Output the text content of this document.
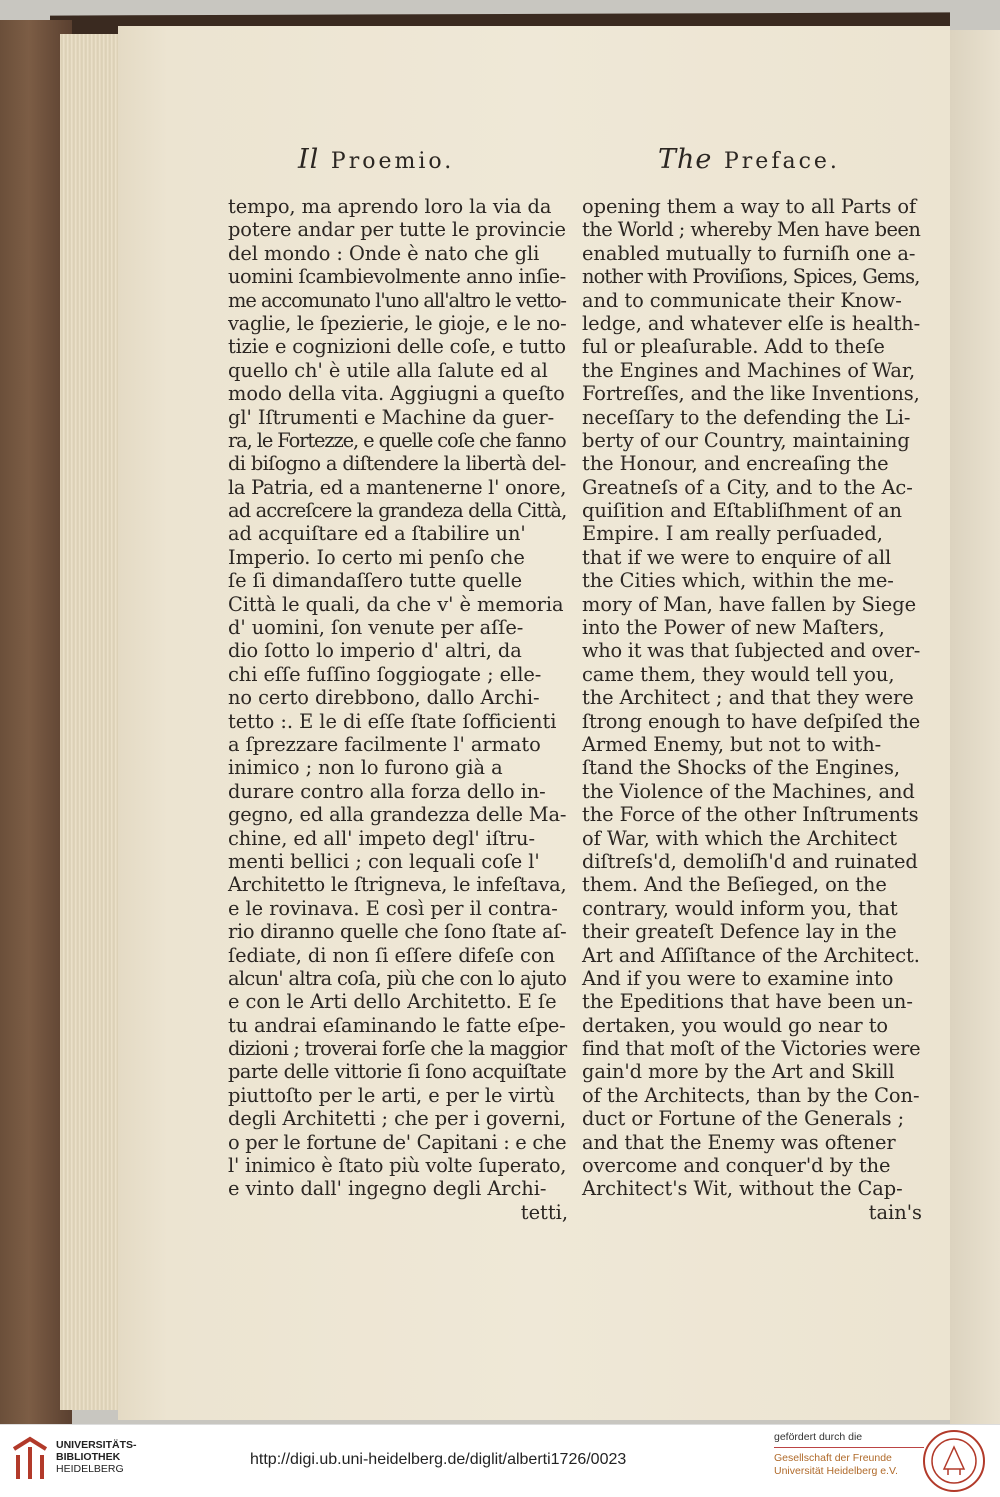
Il Proemio.	The Preface.
tempo, ma aprendo loro la via da
potere andar per tutte le provincie
del mondo : Onde è nato che gli
uomini ſcambievolmente anno inſie-
me accomunato l'uno all'altro le vetto-
vaglie, le ſpezierie, le gioje, e le no-
tizie e cognizioni delle coſe, e tutto
quello ch' è utile alla ſalute ed al
modo della vita. Aggiugni a queſto
gl' Iſtrumenti e Machine da guer-
ra, le Fortezze, e quelle coſe che fanno
di biſogno a diſtendere la libertà del-
la Patria, ed a mantenerne l' onore,
ad accreſcere la grandeza della Città,
ad acquiſtare ed a ſtabilire un'
Imperio. Io certo mi penſo che
ſe ſi dimandaſſero tutte quelle
Città le quali, da che v' è memoria
d' uomini, ſon venute per aſſe-
dio ſotto lo imperio d' altri, da
chi eſſe fuſſino ſoggiogate ; elle-
no certo direbbono, dallo Archi-
tetto :. E le di eſſe ſtate ſofficienti
a ſprezzare facilmente l' armato
inimico ; non lo furono già a
durare contro alla forza dello in-
gegno, ed alla grandezza delle Ma-
chine, ed all' impeto degl' iſtru-
menti bellici ; con lequali coſe l'
Architetto le ſtrigneva, le infeſtava,
e le rovinava. E così per il contra-
rio diranno quelle che ſono ſtate aſ-
ſediate, di non ſi eſſere difeſe con
alcun' altra coſa, più che con lo ajuto
e con le Arti dello Architetto. E ſe
tu andrai eſaminando le fatte eſpe-
dizioni ; troverai forſe che la maggior
parte delle vittorie ſi ſono acquiſtate
piuttoſto per le arti, e per le virtù
degli Architetti ; che per i governi,
o per le fortune de' Capitani : e che
l' inimico è ſtato più volte ſuperato,
e vinto dall' ingegno degli Archi-
tetti,
opening them a way to all Parts of
the World ; whereby Men have been
enabled mutually to furniſh one a-
nother with Proviſions, Spices, Gems,
and to communicate their Know-
ledge, and whatever elſe is health-
ful or pleaſurable. Add to theſe
the Engines and Machines of War,
Fortreſſes, and the like Inventions,
neceſſary to the defending the Li-
berty of our Country, maintaining
the Honour, and encreaſing the
Greatneſs of a City, and to the Ac-
quiſition and Eſtabliſhment of an
Empire. I am really perſuaded,
that if we were to enquire of all
the Cities which, within the me-
mory of Man, have fallen by Siege
into the Power of new Maſters,
who it was that ſubjected and over-
came them, they would tell you,
the Architect ; and that they were
ſtrong enough to have deſpiſed the
Armed Enemy, but not to with-
ſtand the Shocks of the Engines,
the Violence of the Machines, and
the Force of the other Inſtruments
of War, with which the Architect
diſtreſs'd, demoliſh'd and ruinated
them. And the Beſieged, on the
contrary, would inform you, that
their greateſt Defence lay in the
Art and Aſſiſtance of the Architect.
And if you were to examine into
the Epeditions that have been un-
dertaken, you would go near to
find that moſt of the Victories were
gain'd more by the Art and Skill
of the Architects, than by the Con-
duct or Fortune of the Generals ;
and that the Enemy was oftener
overcome and conquer'd by the
Architect's Wit, without the Cap-
tain's
UNIVERSITÄTS-
BIBLIOTHEK
HEIDELBERG
http://digi.ub.uni-heidelberg.de/diglit/alberti1726/0023
gefördert durch die
Gesellschaft der Freunde
Universität Heidelberg e.V.
